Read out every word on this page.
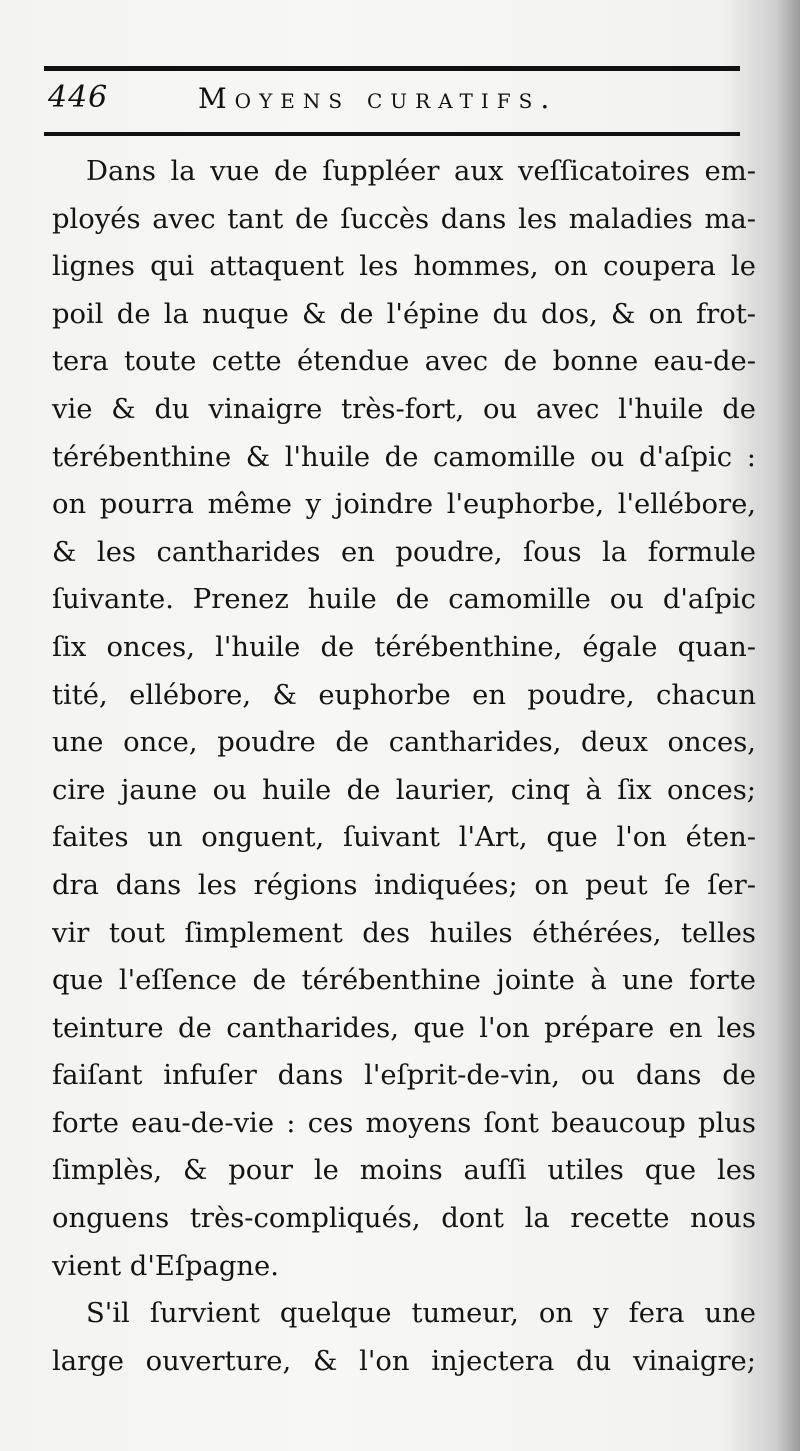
446	Moyens curatifs.
Dans la vue de ſuppléer aux veſſicatoires em-
ployés avec tant de ſuccès dans les maladies ma-
lignes qui attaquent les hommes, on coupera le
poil de la nuque & de l'épine du dos, & on frot-
tera toute cette étendue avec de bonne eau-de-
vie & du vinaigre très-fort, ou avec l'huile de
térébenthine & l'huile de camomille ou d'aſpic :
on pourra même y joindre l'euphorbe, l'ellébore,
& les cantharides en poudre, ſous la formule
ſuivante. Prenez huile de camomille ou d'aſpic
ſix onces, l'huile de térébenthine, égale quan-
tité, ellébore, & euphorbe en poudre, chacun
une once, poudre de cantharides, deux onces,
cire jaune ou huile de laurier, cinq à ſix onces;
faites un onguent, ſuivant l'Art, que l'on éten-
dra dans les régions indiquées; on peut ſe ſer-
vir tout ſimplement des huiles éthérées, telles
que l'eſſence de térébenthine jointe à une forte
teinture de cantharides, que l'on prépare en les
faiſant infuſer dans l'eſprit-de-vin, ou dans de
forte eau-de-vie : ces moyens ſont beaucoup plus
ſimplès, & pour le moins auſſi utiles que les
onguens très-compliqués, dont la recette nous
vient d'Eſpagne.
S'il ſurvient quelque tumeur, on y fera une
large ouverture, & l'on injectera du vinaigre;
